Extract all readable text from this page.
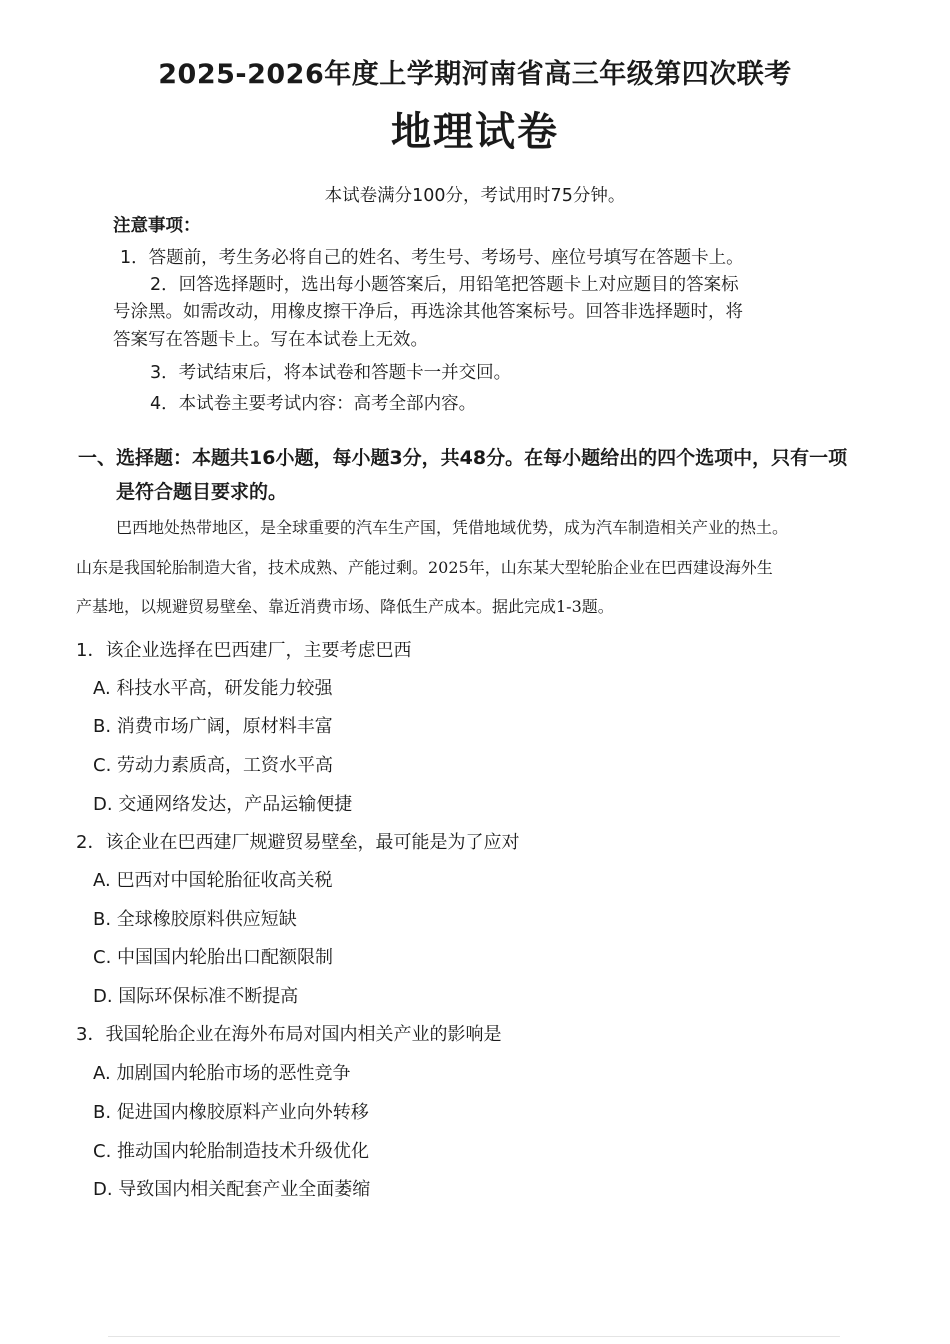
2025-2026年度上学期河南省高三年级第四次联考
地理试卷
本试卷满分100分，考试用时75分钟。
注意事项：
1．答题前，考生务必将自己的姓名、考生号、考场号、座位号填写在答题卡上。
2．回答选择题时，选出每小题答案后，用铅笔把答题卡上对应题目的答案标
号涂黑。如需改动，用橡皮擦干净后，再选涂其他答案标号。回答非选择题时，将
答案写在答题卡上。写在本试卷上无效。
3．考试结束后，将本试卷和答题卡一并交回。
4．本试卷主要考试内容：高考全部内容。
一、选择题：本题共16小题，每小题3分，共48分。在每小题给出的四个选项中，只有一项
是符合题目要求的。
巴西地处热带地区，是全球重要的汽车生产国，凭借地域优势，成为汽车制造相关产业的热土。
山东是我国轮胎制造大省，技术成熟、产能过剩。2025年，山东某大型轮胎企业在巴西建设海外生
产基地，以规避贸易壁垒、靠近消费市场、降低生产成本。据此完成1-3题。
1．该企业选择在巴西建厂，主要考虑巴西
A. 科技水平高，研发能力较强
B. 消费市场广阔，原材料丰富
C. 劳动力素质高，工资水平高
D. 交通网络发达，产品运输便捷
2．该企业在巴西建厂规避贸易壁垒，最可能是为了应对
A. 巴西对中国轮胎征收高关税
B. 全球橡胶原料供应短缺
C. 中国国内轮胎出口配额限制
D. 国际环保标准不断提高
3．我国轮胎企业在海外布局对国内相关产业的影响是
A. 加剧国内轮胎市场的恶性竞争
B. 促进国内橡胶原料产业向外转移
C. 推动国内轮胎制造技术升级优化
D. 导致国内相关配套产业全面萎缩
